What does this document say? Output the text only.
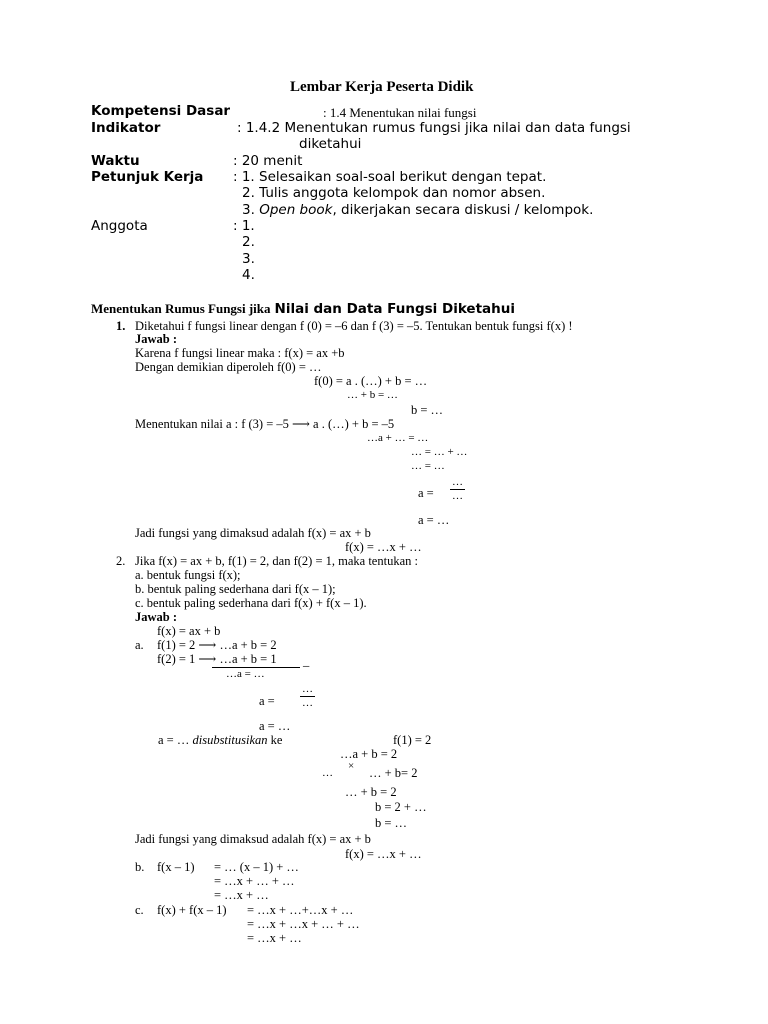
Lembar Kerja Peserta Didik
Kompetensi Dasar	: 1.4 Menentukan nilai fungsi
Indikator	: 1.4.2 Menentukan rumus fungsi jika nilai dan data fungsi
diketahui
Waktu	: 20 menit
Petunjuk Kerja : 1. Selesaikan soal-soal berikut dengan tepat.
2. Tulis anggota kelompok dan nomor absen.
3. Open book, dikerjakan secara diskusi / kelompok.
Anggota	: 1.
2.
3.
4.
Menentukan Rumus Fungsi jika Nilai dan Data Fungsi Diketahui
1. Diketahui f fungsi linear dengan f (0) = –6 dan f (3) = –5. Tentukan bentuk fungsi f(x) !
Jawab :
Karena f fungsi linear maka : f(x) = ax +b
Dengan demikian diperoleh f(0) = …
f(0) = a . (…) + b = …
… + b = …
b = …
Menentukan nilai a : f (3) = –5 ⟶ a . (…) + b = –5
…a + … = …
… = … + …
… = …
a =
…
…
a = …
Jadi fungsi yang dimaksud adalah f(x) = ax + b
f(x) = …x + …
2. Jika f(x) = ax + b, f(1) = 2, dan f(2) = 1, maka tentukan :
a. bentuk fungsi f(x);
b. bentuk paling sederhana dari f(x – 1);
c. bentuk paling sederhana dari f(x) + f(x – 1).
Jawab :
f(x) = ax + b
a. f(1) = 2 ⟶ …a + b = 2
f(2) = 1 ⟶ …a + b = 1 _
…a = …
a =
…
…
a = …
a = … disubstitusikan ke	f(1) = 2
…a + b = 2
…
× … + b= 2
… + b = 2
b = 2 + …
b = …
Jadi fungsi yang dimaksud adalah f(x) = ax + b
f(x) = …x + …
b. f(x – 1) = … (x – 1) + …
= …x + … + …
= …x + …
c. f(x) + f(x – 1) = …x + …+…x + …
= …x + …x + … + …
= …x + …
